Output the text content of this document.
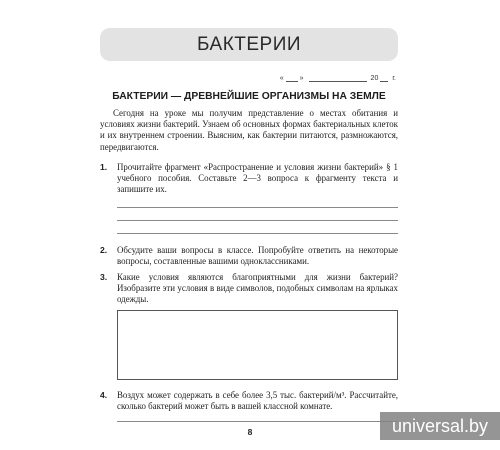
БАКТЕРИИ
« »	20 г.
БАКТЕРИИ — ДРЕВНЕЙШИЕ ОРГАНИЗМЫ НА ЗЕМЛЕ
Сегодня на уроке мы получим представление о местах обитания и условиях жизни бактерий. Узнаем об основных формах бактериальных клеток и их внутреннем строении. Выясним, как бактерии питаются, размножаются, передвигаются.
1. Прочитайте фрагмент «Распространение и условия жизни бактерий» § 1 учебного пособия. Составьте 2—3 вопроса к фрагменту текста и запишите их.
2. Обсудите ваши вопросы в классе. Попробуйте ответить на некоторые вопросы, составленные вашими одноклассниками.
3. Какие условия являются благоприятными для жизни бактерий? Изобразите эти условия в виде символов, подобных символам на ярлыках одежды.
4. Воздух может содержать в себе более 3,5 тыс. бактерий/м³. Рассчитайте, сколько бактерий может быть в вашей классной комнате.
8	universal.by
